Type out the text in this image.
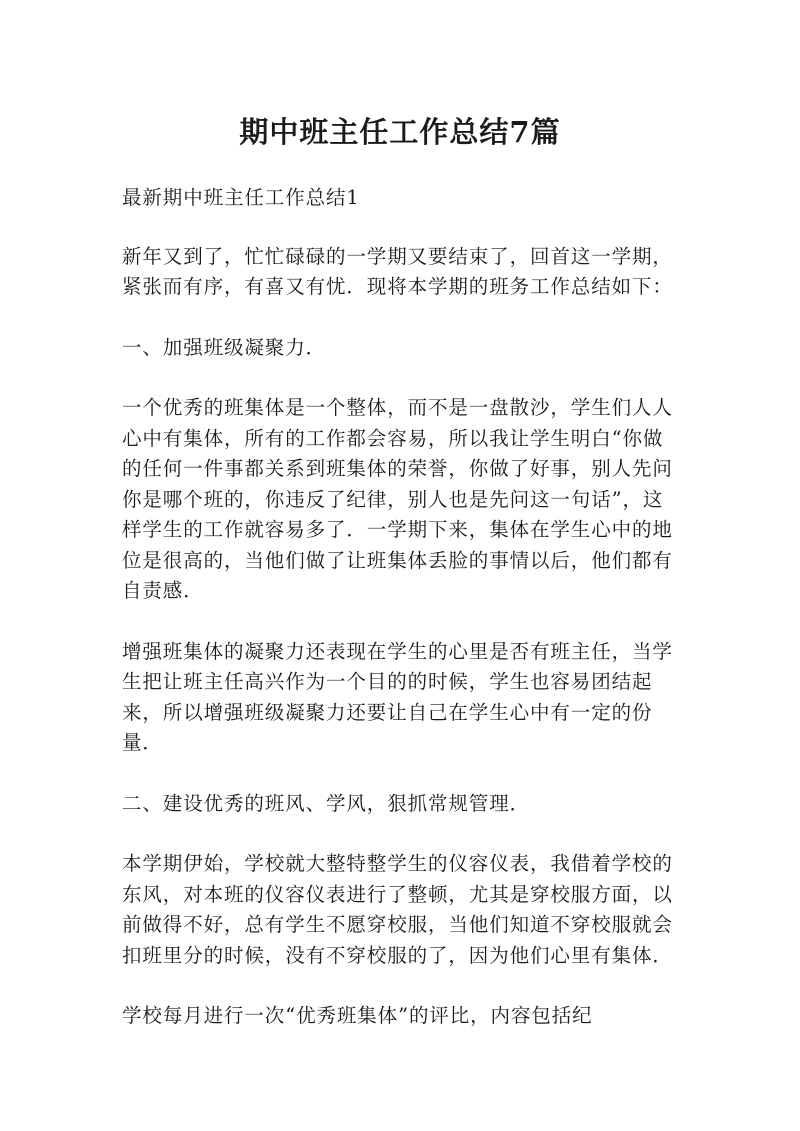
期中班主任工作总结7篇

最新期中班主任工作总结1

新年又到了，忙忙碌碌的一学期又要结束了，回首这一学期，紧张而有序，有喜又有忧．现将本学期的班务工作总结如下：

一、加强班级凝聚力．

一个优秀的班集体是一个整体，而不是一盘散沙，学生们人人心中有集体，所有的工作都会容易，所以我让学生明白“你做的任何一件事都关系到班集体的荣誉，你做了好事，别人先问你是哪个班的，你违反了纪律，别人也是先问这一句话”，这样学生的工作就容易多了．一学期下来，集体在学生心中的地位是很高的，当他们做了让班集体丢脸的事情以后，他们都有自责感．

增强班集体的凝聚力还表现在学生的心里是否有班主任，当学生把让班主任高兴作为一个目的的时候，学生也容易团结起来，所以增强班级凝聚力还要让自己在学生心中有一定的份量．

二、建设优秀的班风、学风，狠抓常规管理．

本学期伊始，学校就大整特整学生的仪容仪表，我借着学校的东风，对本班的仪容仪表进行了整顿，尤其是穿校服方面，以前做得不好，总有学生不愿穿校服，当他们知道不穿校服就会扣班里分的时候，没有不穿校服的了，因为他们心里有集体．

学校每月进行一次“优秀班集体”的评比，内容包括纪
